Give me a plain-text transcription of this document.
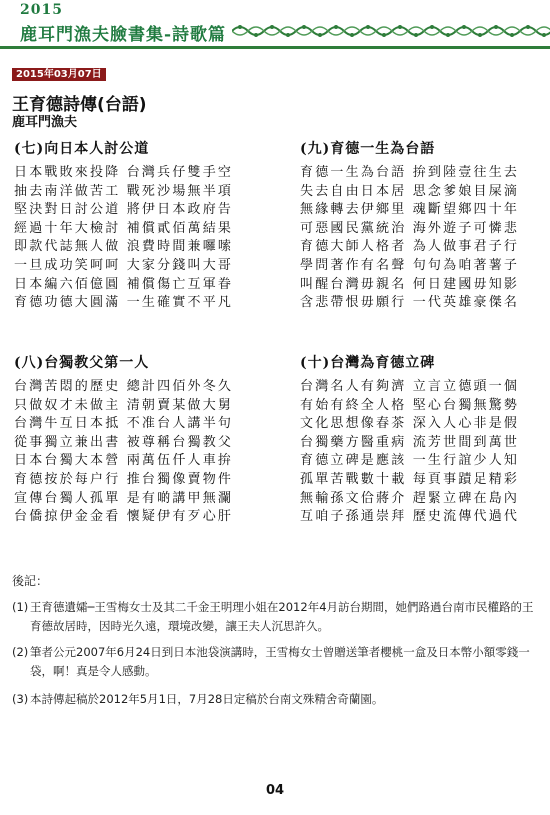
2015
鹿耳門漁夫臉書集-詩歌篇
2015年03月07日
王育德詩傳(台語)
鹿耳門漁夫
(七)向日本人討公道
日本戰敗來投降 台灣兵仔雙手空
抽去南洋做苦工 戰死沙場無半項
堅決對日討公道 將伊日本政府告
經過十年大檢討 補償貳佰萬結果
即款代誌無人做 浪費時間兼囉嗦
一旦成功笑呵呵 大家分錢叫大哥
日本編六佰億圓 補償傷亡互軍眷
育德功德大圓滿 一生確實不平凡
(九)育德一生為台語
育德一生為台語 拚到陸壹往生去
失去自由日本居 思念爹娘目屎滴
無緣轉去伊鄉里 魂斷望鄉四十年
可惡國民黨統治 海外遊子可憐悲
育德大師人格者 為人做事君子行
學問著作有名聲 句句為咱著薯子
叫醒台灣毋親名 何日建國毋知影
含悲帶恨毋願行 一代英雄豪傑名
(八)台獨教父第一人
台灣苦悶的歷史 總計四佰外冬久
只做奴才未做主 清朝賣某做大舅
台灣牛互日本抵 不准台人講半句
從事獨立兼出書 被尊稱台獨教父
日本台獨大本營 兩萬伍仟人車拚
育德按於每户行 推台獨像賣物件
宣傳台獨人孤單 是有啲講甲無瀾
台僑掠伊金金看 懷疑伊有歹心肝
(十)台灣為育德立碑
台灣名人有夠濟 立言立德頭一個
有始有終全人格 堅心台獨無驚勢
文化思想像春茶 深入人心非是假
台獨藥方醫重病 流芳世間到萬世
育德立碑是應該 一生行誼少人知
孤單苦戰數十載 每頁事蹟足精彩
無輸孫文佮蔣介 趕緊立碑在島內
互咱子孫通崇拜 歷史流傳代過代
後記：
(1) 王育德遺孀─王雪梅女士及其二千金王明理小姐在2012年4月訪台期間，她們路過台南市民權路的王育德故居時，因時光久遠，環境改變，讓王夫人沉思許久。
(2) 筆者公元2007年6月24日到日本池袋演講時，王雪梅女士曾贈送筆者櫻桃一盒及日本幣小額零錢一袋，啊！真是令人感動。
(3) 本詩傳起稿於2012年5月1日，7月28日定稿於台南文殊精舍奇蘭園。
04
